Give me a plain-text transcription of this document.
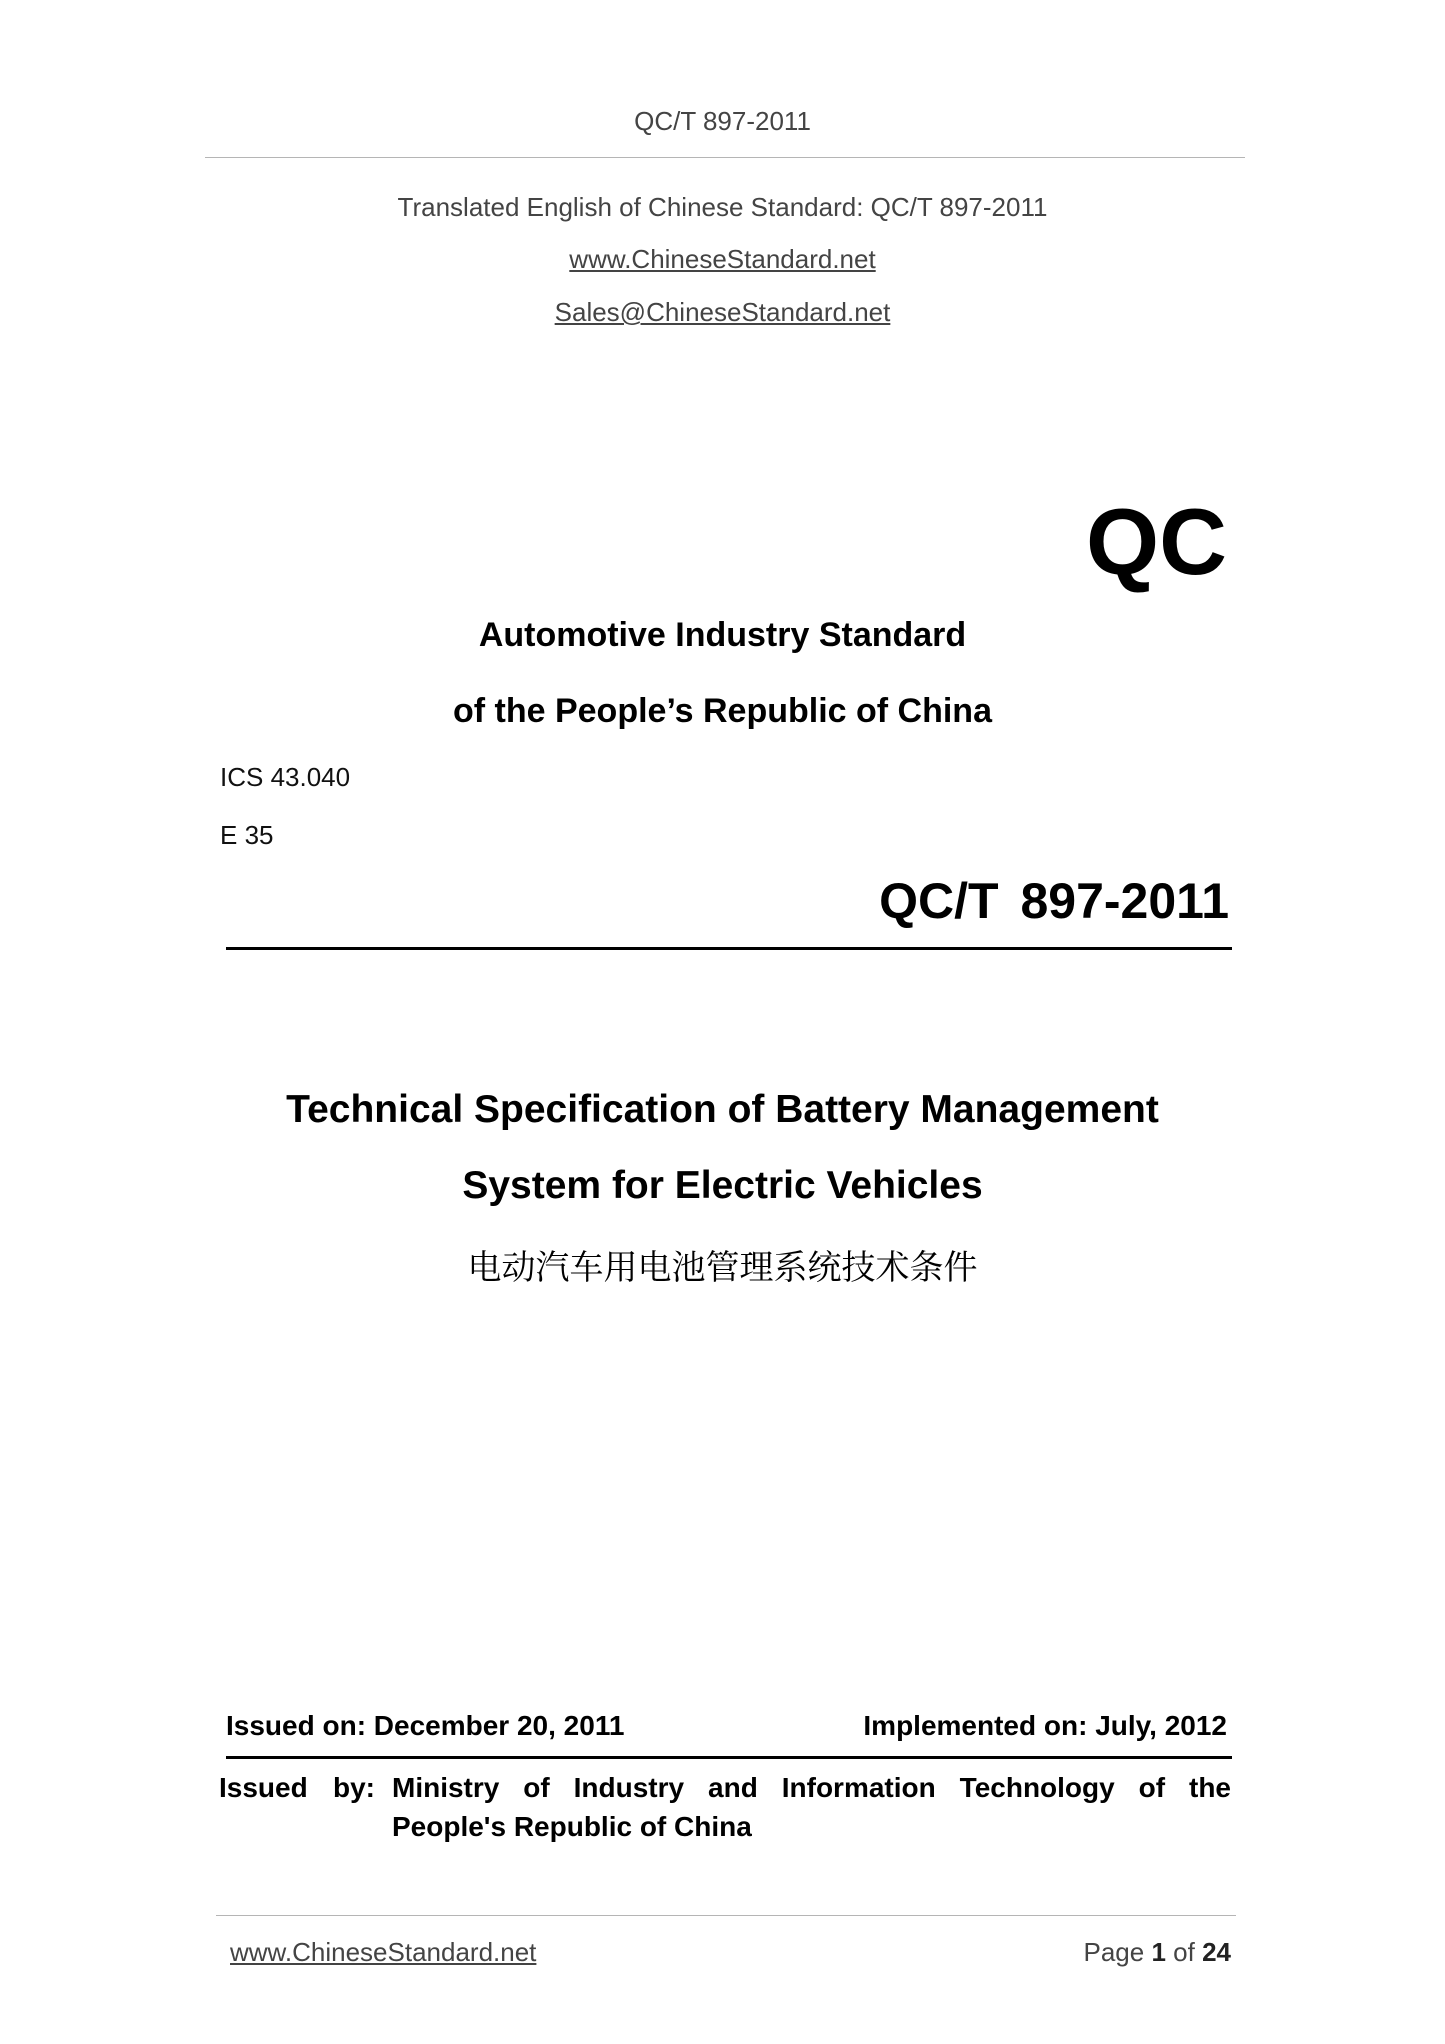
QC/T 897-2011
Translated English of Chinese Standard: QC/T 897-2011
www.ChineseStandard.net
Sales@ChineseStandard.net
QC
Automotive Industry Standard
of the People’s Republic of China
ICS 43.040
E 35
QC/T 897-2011
Technical Specification of Battery Management
System for Electric Vehicles
电动汽车用电池管理系统技术条件
Issued on: December 20, 2011	Implemented on: July, 2012
Issued by: Ministry of Industry and Information Technology of the
People's Republic of China
www.ChineseStandard.net	Page 1 of 24
